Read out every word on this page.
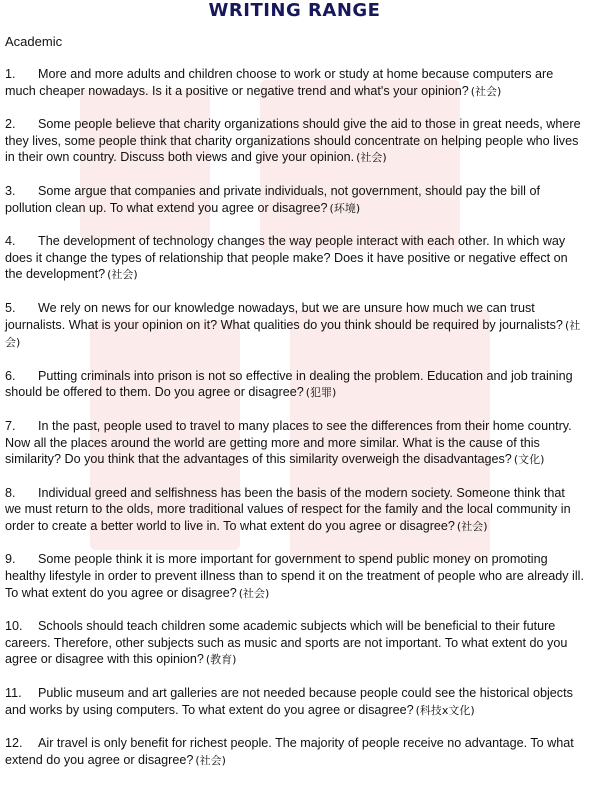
WRITING RANGE
Academic
1. More and more adults and children choose to work or study at home because computers are much cheaper nowadays. Is it a positive or negative trend and what's your opinion? (社会)
2. Some people believe that charity organizations should give the aid to those in great needs, where they lives, some people think that charity organizations should concentrate on helping people who lives in their own country. Discuss both views and give your opinion. (社会)
3. Some argue that companies and private individuals, not government, should pay the bill of pollution clean up. To what extend you agree or disagree? (环境)
4. The development of technology changes the way people interact with each other. In which way does it change the types of relationship that people make? Does it have positive or negative effect on the development? (社会)
5. We rely on news for our knowledge nowadays, but we are unsure how much we can trust journalists. What is your opinion on it? What qualities do you think should be required by journalists? (社会)
6. Putting criminals into prison is not so effective in dealing the problem. Education and job training should be offered to them. Do you agree or disagree? (犯罪)
7. In the past, people used to travel to many places to see the differences from their home country. Now all the places around the world are getting more and more similar. What is the cause of this similarity? Do you think that the advantages of this similarity overweigh the disadvantages? (文化)
8. Individual greed and selfishness has been the basis of the modern society. Someone think that we must return to the olds, more traditional values of respect for the family and the local community in order to create a better world to live in. To what extent do you agree or disagree? (社会)
9. Some people think it is more important for government to spend public money on promoting healthy lifestyle in order to prevent illness than to spend it on the treatment of people who are already ill. To what extent do you agree or disagree? (社会)
10. Schools should teach children some academic subjects which will be beneficial to their future careers. Therefore, other subjects such as music and sports are not important. To what extent do you agree or disagree with this opinion? (教育)
11. Public museum and art galleries are not needed because people could see the historical objects and works by using computers. To what extent do you agree or disagree? (科技x文化)
12. Air travel is only benefit for richest people. The majority of people receive no advantage. To what extend do you agree or disagree? (社会)
